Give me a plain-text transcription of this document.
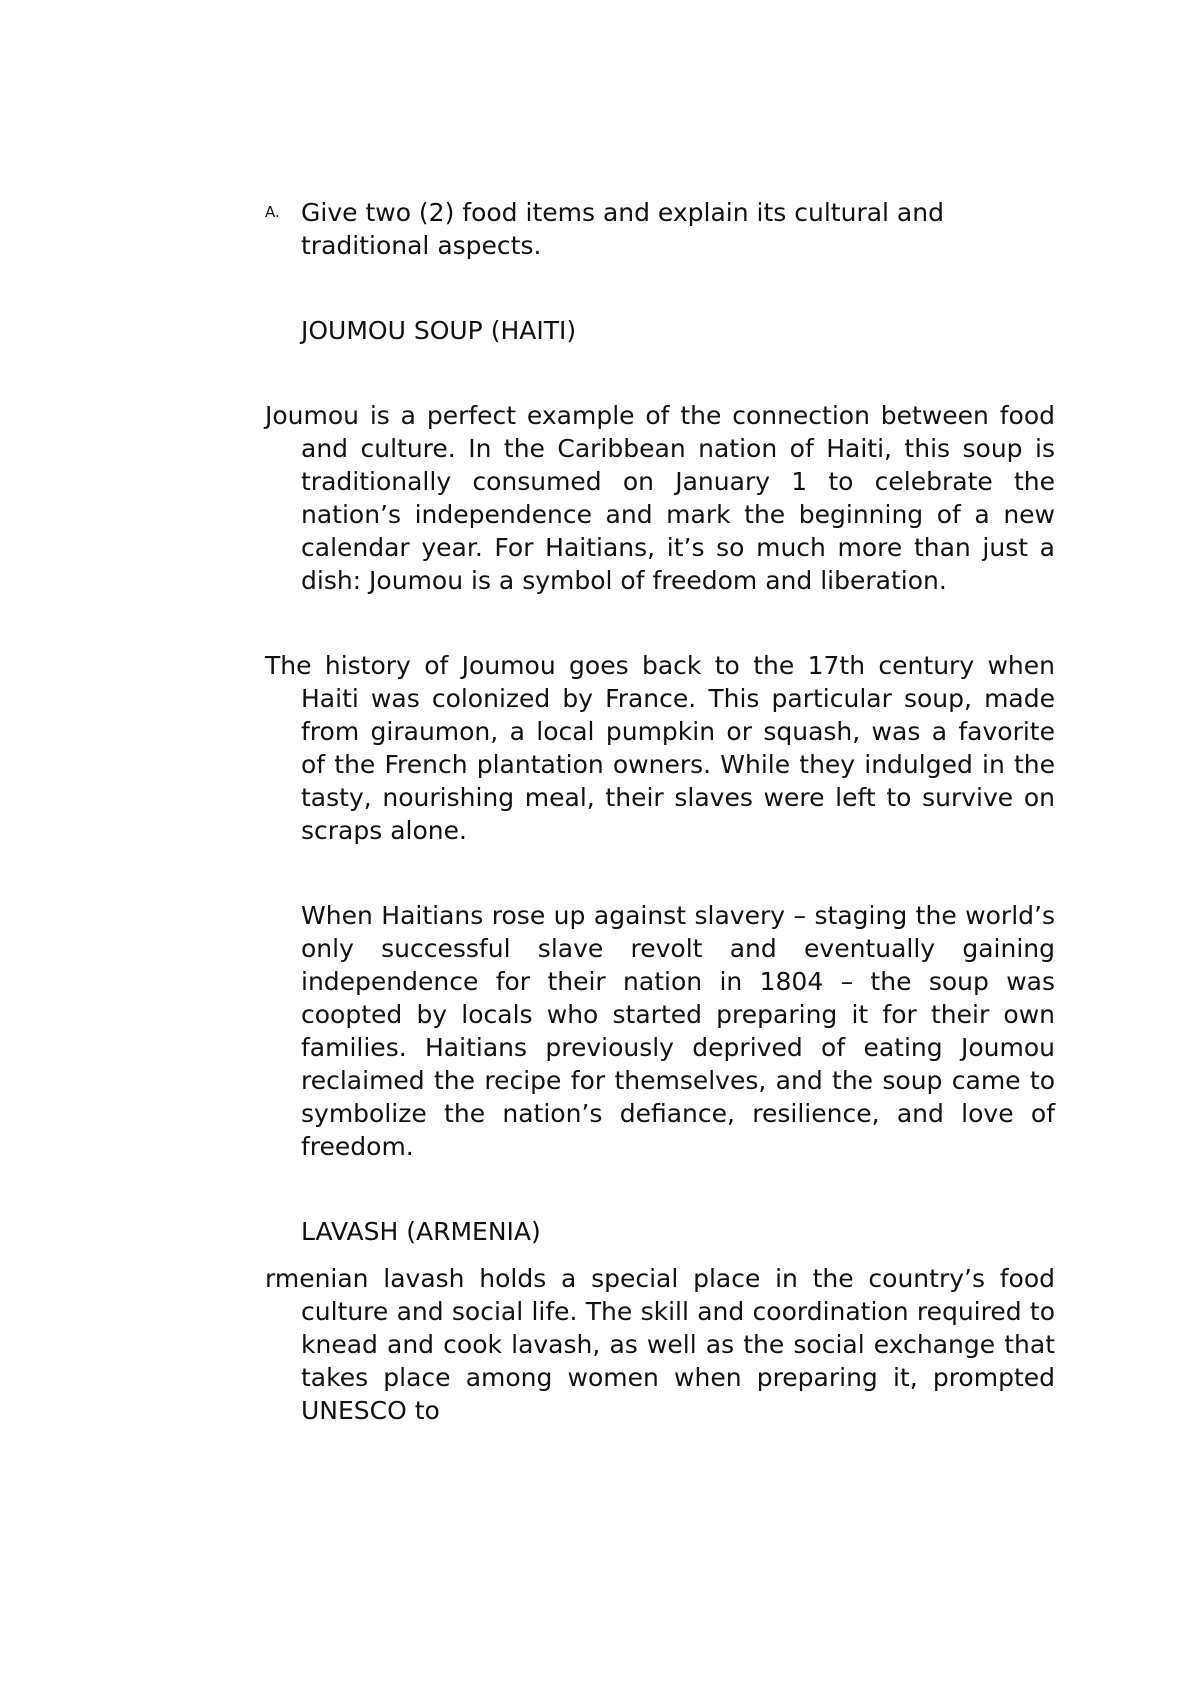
A. Give two (2) food items and explain its cultural and traditional aspects.

JOUMOU SOUP (HAITI)

Joumou is a perfect example of the connection between food and culture. In the Caribbean nation of Haiti, this soup is traditionally consumed on January 1 to celebrate the nation’s independence and mark the beginning of a new calendar year. For Haitians, it’s so much more than just a dish: Joumou is a symbol of freedom and liberation.

The history of Joumou goes back to the 17th century when Haiti was colonized by France. This particular soup, made from giraumon, a local pumpkin or squash, was a favorite of the French plantation owners. While they indulged in the tasty, nourishing meal, their slaves were left to survive on scraps alone.

When Haitians rose up against slavery – staging the world’s only successful slave revolt and eventually gaining independence for their nation in 1804 – the soup was coopted by locals who started preparing it for their own families. Haitians previously deprived of eating Joumou reclaimed the recipe for themselves, and the soup came to symbolize the nation’s defiance, resilience, and love of freedom.

LAVASH (ARMENIA)

rmenian lavash holds a special place in the country’s food culture and social life. The skill and coordination required to knead and cook lavash, as well as the social exchange that takes place among women when preparing it, prompted UNESCO to
